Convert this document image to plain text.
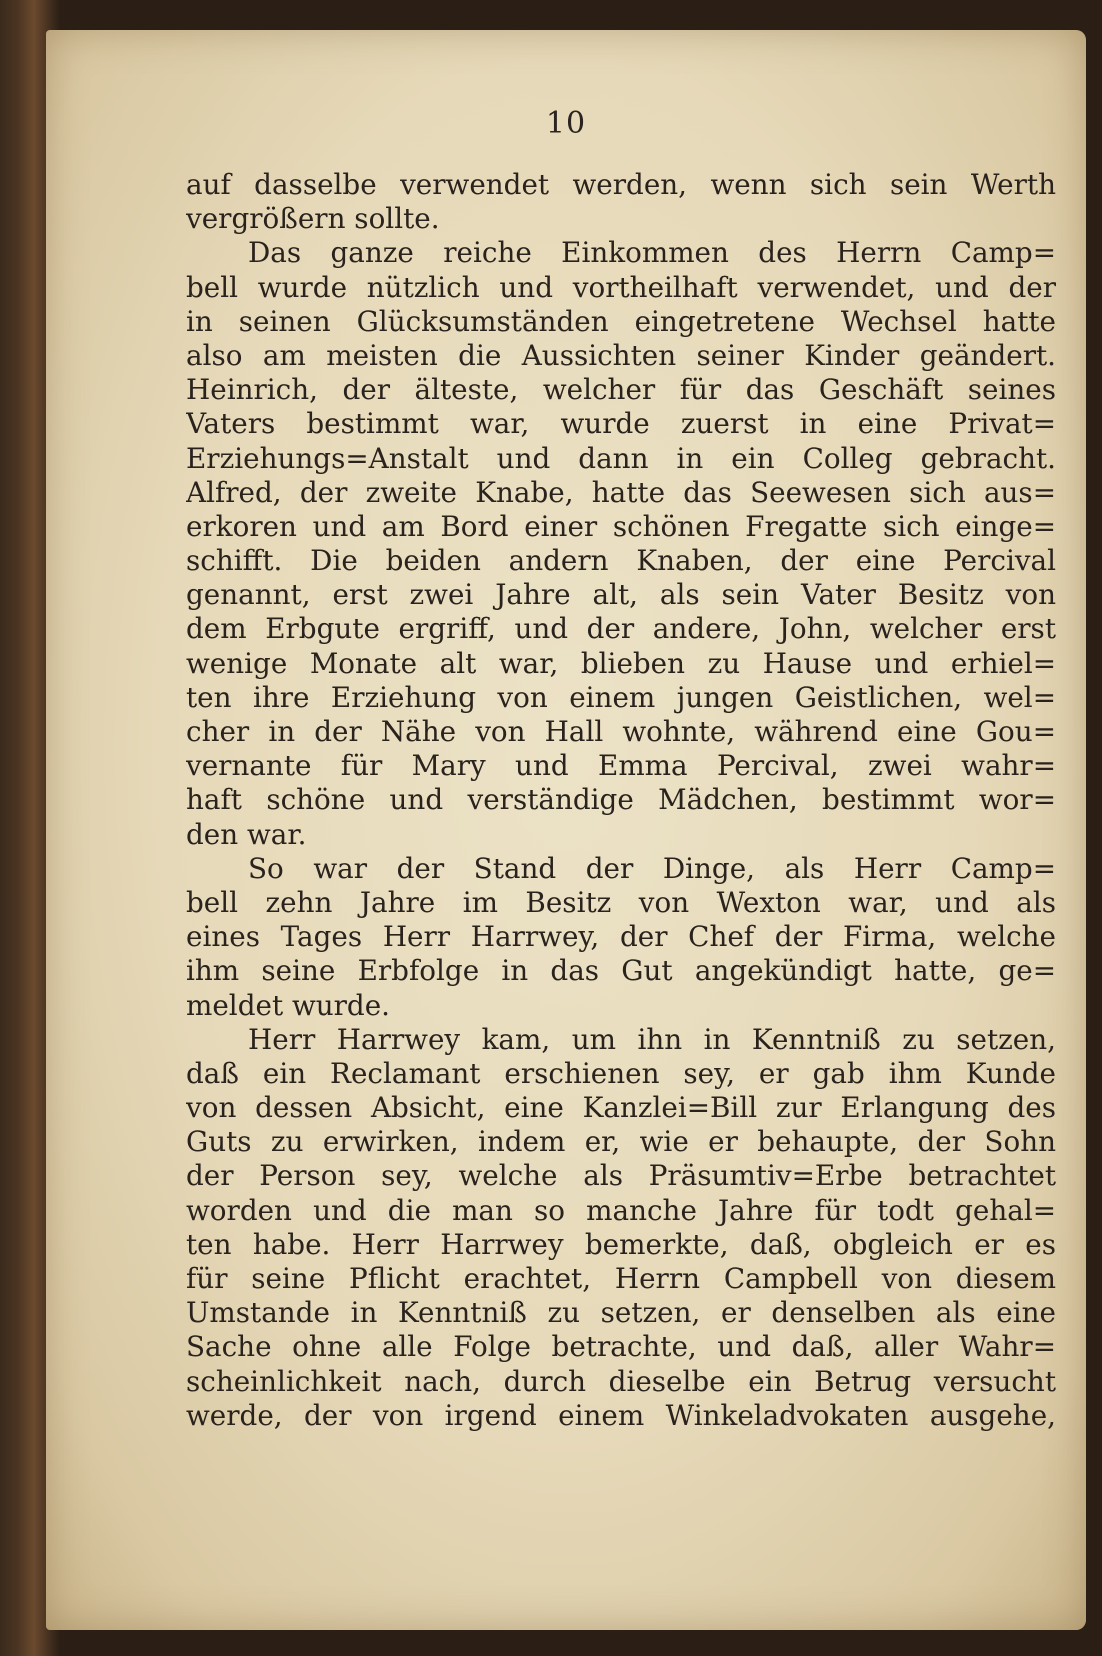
10
auf dasselbe verwendet werden, wenn sich sein Werth
vergrößern sollte.
Das ganze reiche Einkommen des Herrn Camp=
bell wurde nützlich und vortheilhaft verwendet, und der
in seinen Glücksumständen eingetretene Wechsel hatte
also am meisten die Aussichten seiner Kinder geändert.
Heinrich, der älteste, welcher für das Geschäft seines
Vaters bestimmt war, wurde zuerst in eine Privat=
Erziehungs=Anstalt und dann in ein Colleg gebracht.
Alfred, der zweite Knabe, hatte das Seewesen sich aus=
erkoren und am Bord einer schönen Fregatte sich einge=
schifft. Die beiden andern Knaben, der eine Percival
genannt, erst zwei Jahre alt, als sein Vater Besitz von
dem Erbgute ergriff, und der andere, John, welcher erst
wenige Monate alt war, blieben zu Hause und erhiel=
ten ihre Erziehung von einem jungen Geistlichen, wel=
cher in der Nähe von Hall wohnte, während eine Gou=
vernante für Mary und Emma Percival, zwei wahr=
haft schöne und verständige Mädchen, bestimmt wor=
den war.
So war der Stand der Dinge, als Herr Camp=
bell zehn Jahre im Besitz von Wexton war, und als
eines Tages Herr Harrwey, der Chef der Firma, welche
ihm seine Erbfolge in das Gut angekündigt hatte, ge=
meldet wurde.
Herr Harrwey kam, um ihn in Kenntniß zu setzen,
daß ein Reclamant erschienen sey, er gab ihm Kunde
von dessen Absicht, eine Kanzlei=Bill zur Erlangung des
Guts zu erwirken, indem er, wie er behaupte, der Sohn
der Person sey, welche als Präsumtiv=Erbe betrachtet
worden und die man so manche Jahre für todt gehal=
ten habe. Herr Harrwey bemerkte, daß, obgleich er es
für seine Pflicht erachtet, Herrn Campbell von diesem
Umstande in Kenntniß zu setzen, er denselben als eine
Sache ohne alle Folge betrachte, und daß, aller Wahr=
scheinlichkeit nach, durch dieselbe ein Betrug versucht
werde, der von irgend einem Winkeladvokaten ausgehe,
